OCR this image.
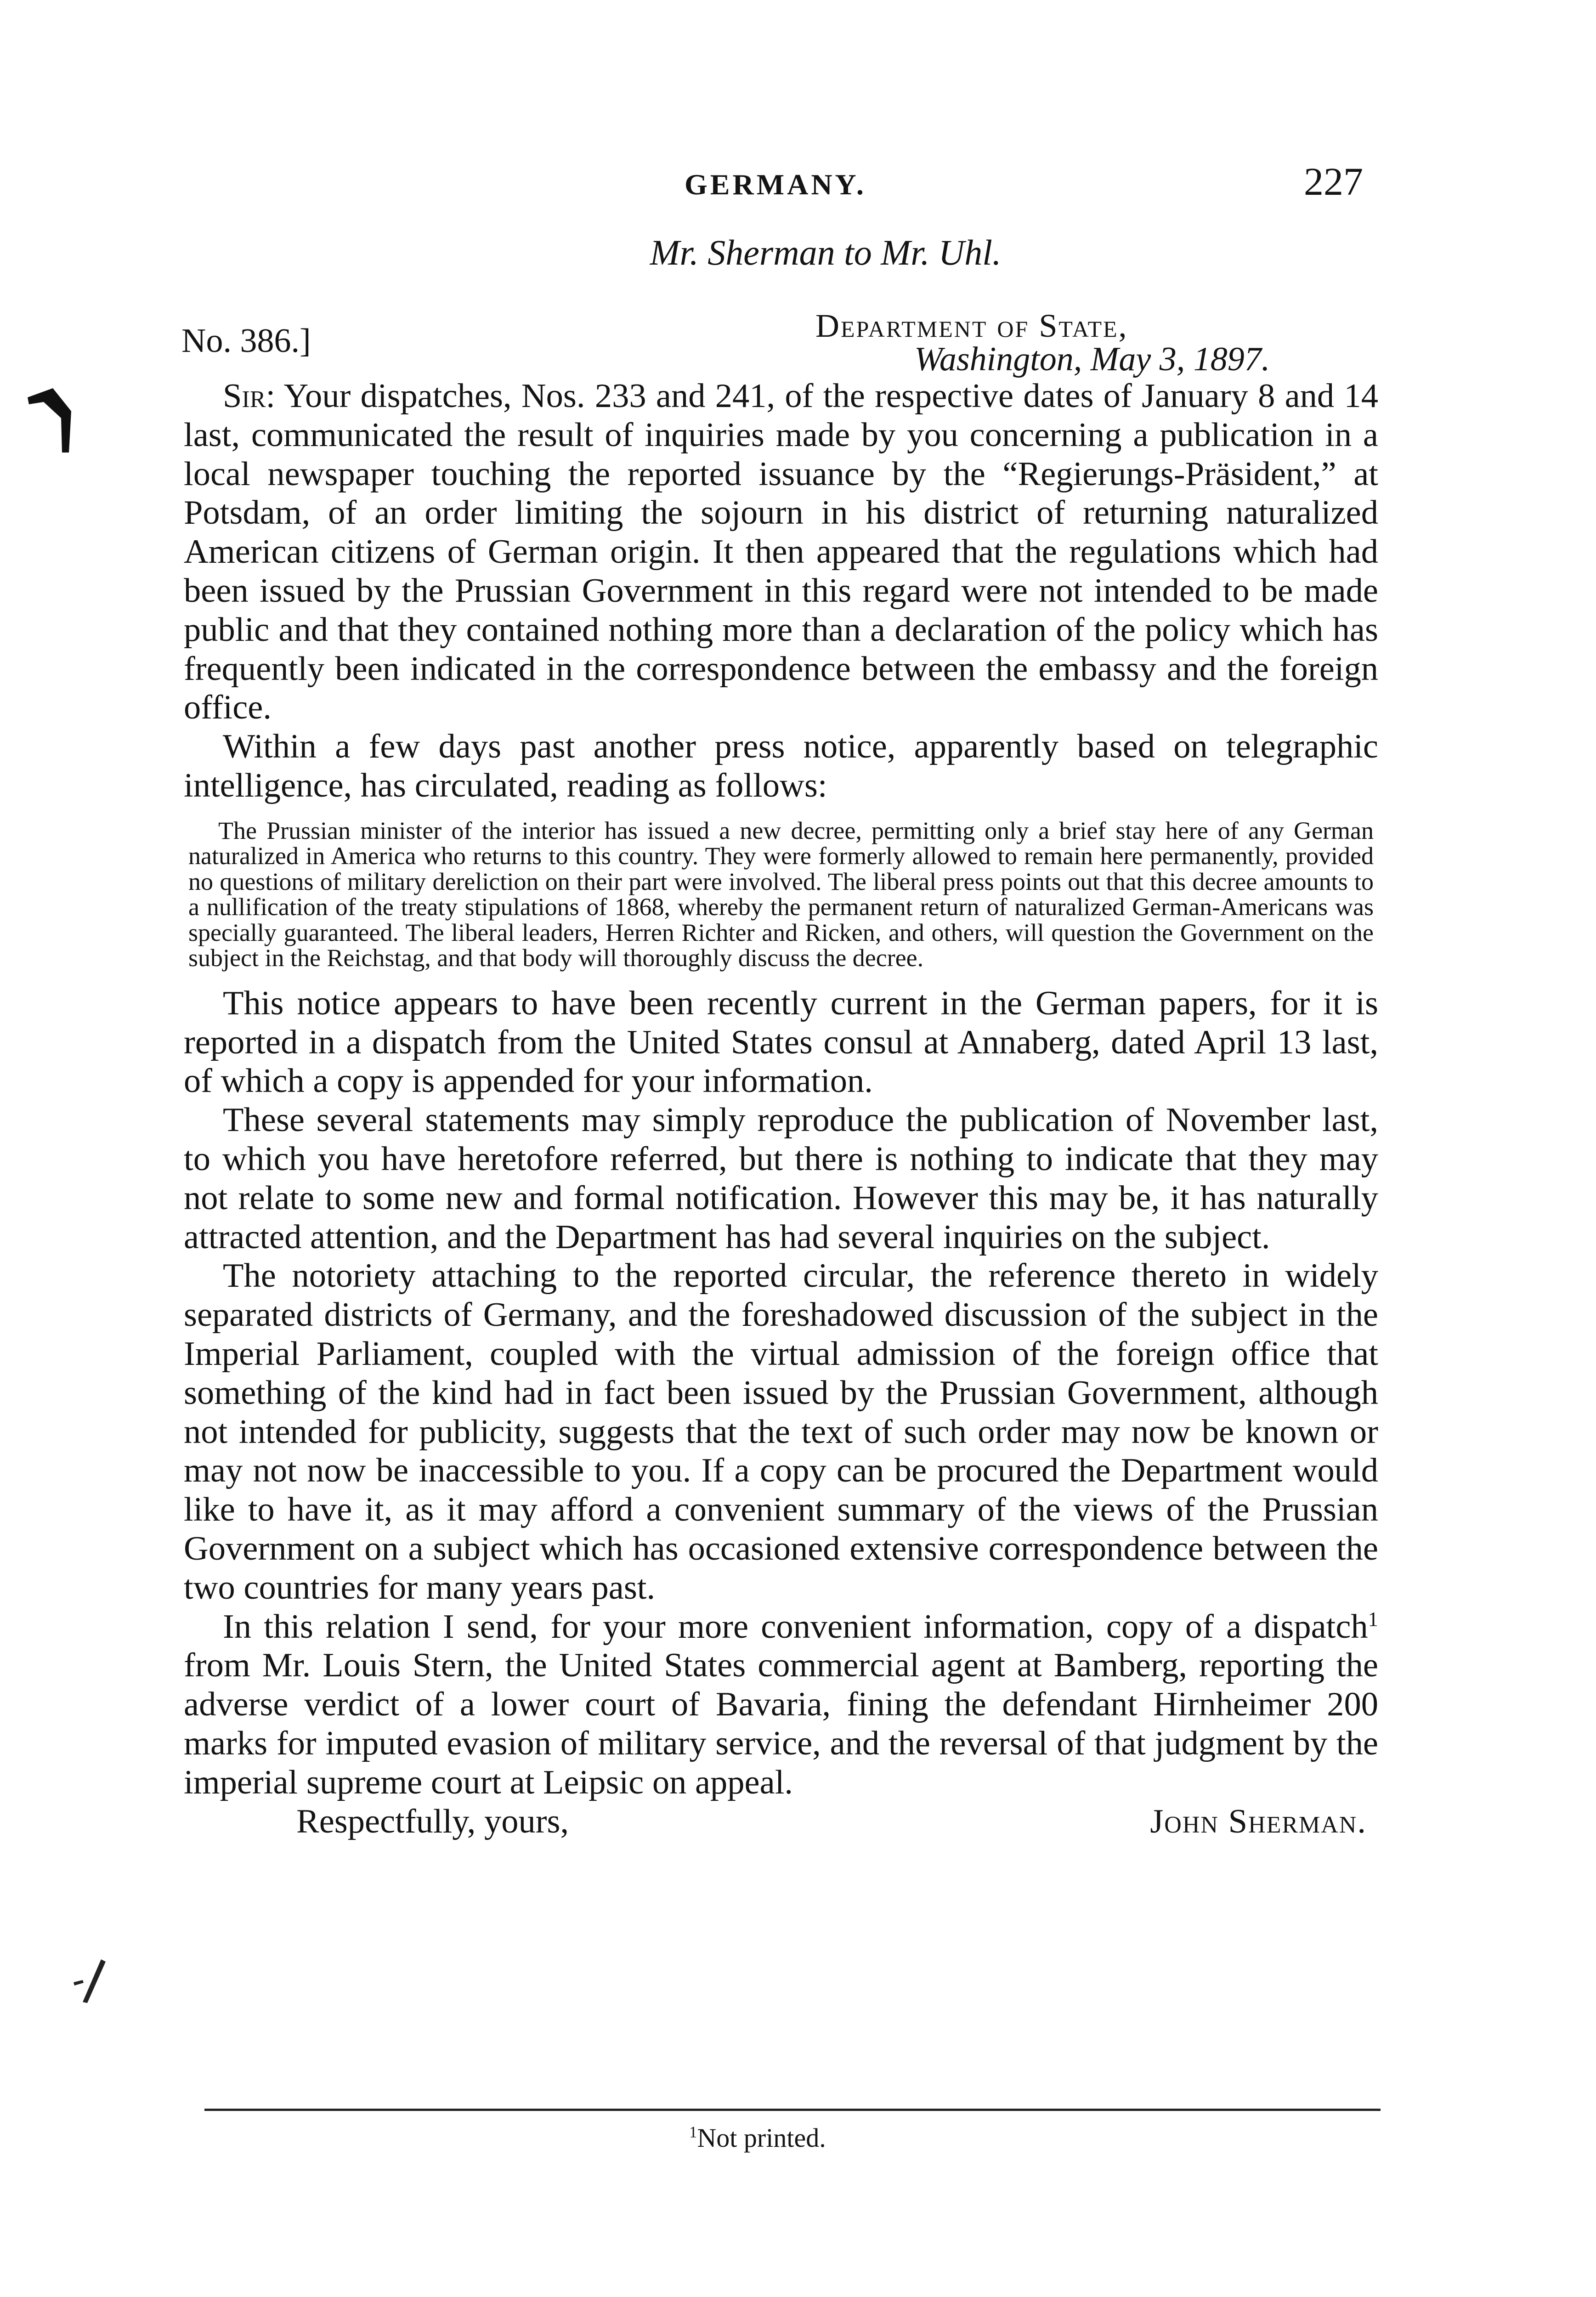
GERMANY.	227
Mr. Sherman to Mr. Uhl.
No. 386.]	Department of State,
Washington, May 3, 1897.

Sir: Your dispatches, Nos. 233 and 241, of the respective dates of January 8 and 14 last, communicated the result of inquiries made by you concerning a publication in a local newspaper touching the reported issuance by the “Regierungs-Präsident,” at Potsdam, of an order limiting the sojourn in his district of returning naturalized American citizens of German origin. It then appeared that the regulations which had been issued by the Prussian Government in this regard were not intended to be made public and that they contained nothing more than a declaration of the policy which has frequently been indicated in the correspondence between the embassy and the foreign office.

Within a few days past another press notice, apparently based on telegraphic intelligence, has circulated, reading as follows:

The Prussian minister of the interior has issued a new decree, permitting only a brief stay here of any German naturalized in America who returns to this country. They were formerly allowed to remain here permanently, provided no questions of military dereliction on their part were involved. The liberal press points out that this decree amounts to a nullification of the treaty stipulations of 1868, whereby the permanent return of naturalized German-Americans was specially guaranteed. The liberal leaders, Herren Richter and Ricken, and others, will question the Government on the subject in the Reichstag, and that body will thoroughly discuss the decree.

This notice appears to have been recently current in the German papers, for it is reported in a dispatch from the United States consul at Annaberg, dated April 13 last, of which a copy is appended for your information.

These several statements may simply reproduce the publication of November last, to which you have heretofore referred, but there is nothing to indicate that they may not relate to some new and formal notification. However this may be, it has naturally attracted attention, and the Department has had several inquiries on the subject.

The notoriety attaching to the reported circular, the reference thereto in widely separated districts of Germany, and the foreshadowed discussion of the subject in the Imperial Parliament, coupled with the virtual admission of the foreign office that something of the kind had in fact been issued by the Prussian Government, although not intended for publicity, suggests that the text of such order may now be known or may not now be inaccessible to you. If a copy can be procured the Department would like to have it, as it may afford a convenient summary of the views of the Prussian Government on a subject which has occasioned extensive correspondence between the two countries for many years past.

In this relation I send, for your more convenient information, copy of a dispatch$^1$ from Mr. Louis Stern, the United States commercial agent at Bamberg, reporting the adverse verdict of a lower court of Bavaria, fining the defendant Hirnheimer 200 marks for imputed evasion of military service, and the reversal of that judgment by the imperial supreme court at Leipsic on appeal.

Respectfully, yours,	John Sherman.
$^1$Not printed.
